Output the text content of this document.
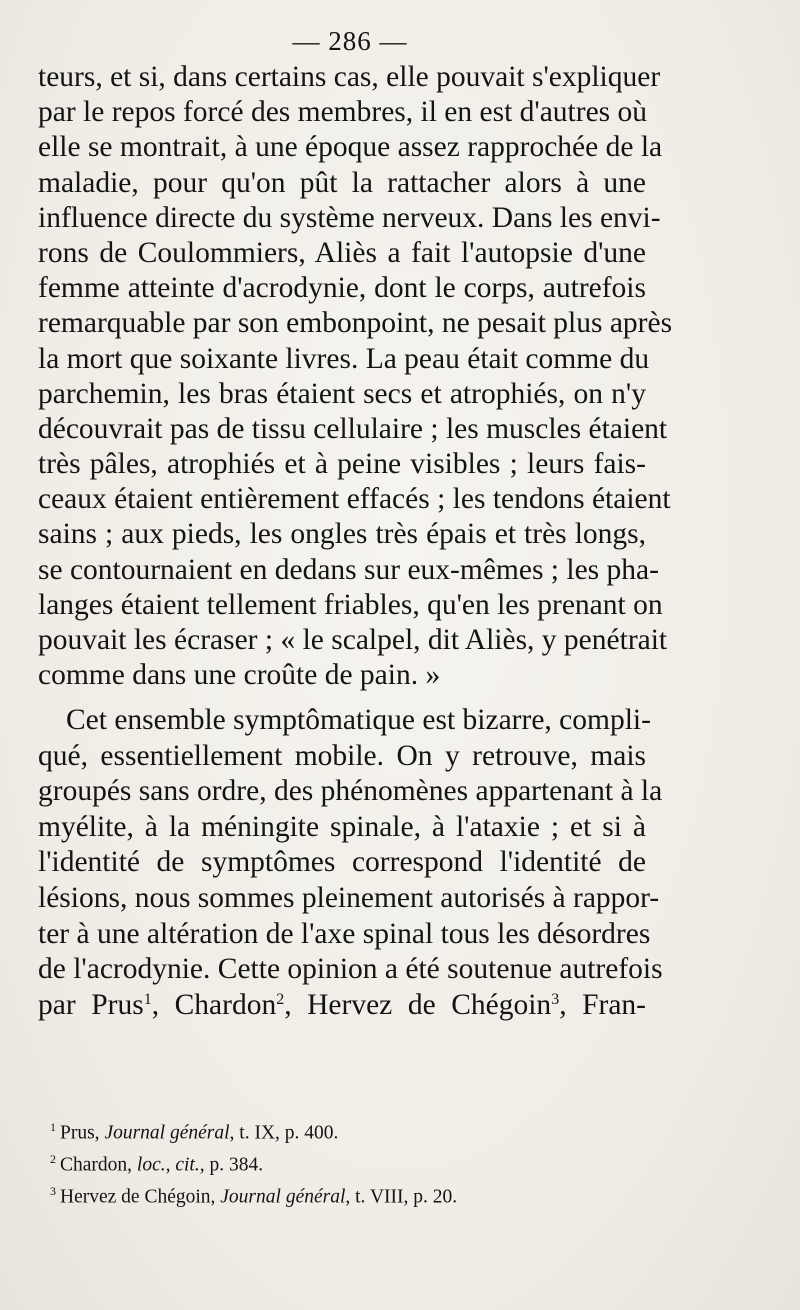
— 286 —
teurs, et si, dans certains cas, elle pouvait s'expliquer
par le repos forcé des membres, il en est d'autres où
elle se montrait, à une époque assez rapprochée de la
maladie, pour qu'on pût la rattacher alors à une
influence directe du système nerveux. Dans les envi-
rons de Coulommiers, Aliès a fait l'autopsie d'une
femme atteinte d'acrodynie, dont le corps, autrefois
remarquable par son embonpoint, ne pesait plus après
la mort que soixante livres. La peau était comme du
parchemin, les bras étaient secs et atrophiés, on n'y
découvrait pas de tissu cellulaire ; les muscles étaient
très pâles, atrophiés et à peine visibles ; leurs fais-
ceaux étaient entièrement effacés ; les tendons étaient
sains ; aux pieds, les ongles très épais et très longs,
se contournaient en dedans sur eux-mêmes ; les pha-
langes étaient tellement friables, qu'en les prenant on
pouvait les écraser ; « le scalpel, dit Aliès, y penétrait
comme dans une croûte de pain. »
Cet ensemble symptômatique est bizarre, compli-
qué, essentiellement mobile. On y retrouve, mais
groupés sans ordre, des phénomènes appartenant à la
myélite, à la méningite spinale, à l'ataxie ; et si à
l'identité de symptômes correspond l'identité de
lésions, nous sommes pleinement autorisés à rappor-
ter à une altération de l'axe spinal tous les désordres
de l'acrodynie. Cette opinion a été soutenue autrefois
par Prus$^1$, Chardon$^2$, Hervez de Chégoin$^3$, Fran-
$^1$ Prus, Journal général, t. IX, p. 400.
$^2$ Chardon, loc., cit., p. 384.
$^3$ Hervez de Chégoin, Journal général, t. VIII, p. 20.
